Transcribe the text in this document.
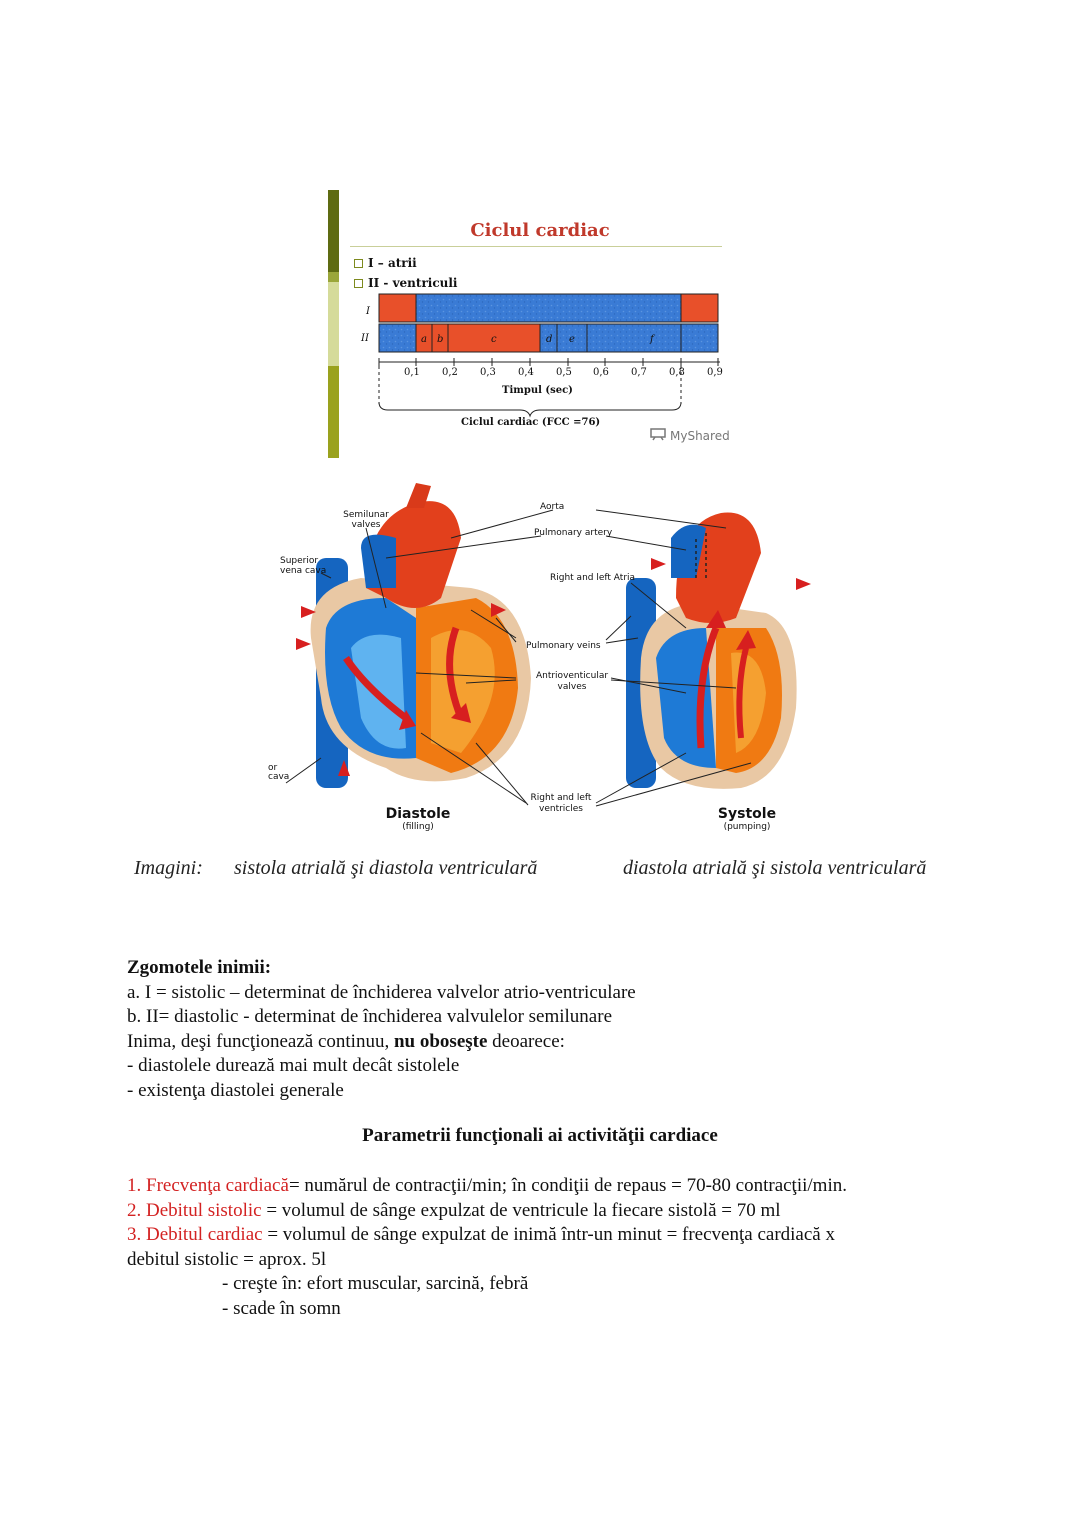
Ciclul cardiac
I – atrii
II - ventriculi
I
II	a b	c	d e	f
0,1 0,2 0,3 0,4 0,5 0,6 0,7 0,8 0,9
Timpul (sec)
Ciclul cardiac (FCC =76)
MyShared
Aorta
Pulmonary artery
Semilunar
valves
Superior
vena cava
Right and left Atria
Pulmonary veins
Antrioventicular
valves
or
cava
Right and left
ventricles
Diastole
(filling)
Systole
(pumping)
Imagini: sistola atrială şi diastola ventriculară	diastola atrială şi sistola ventriculară
Zgomotele inimii:
a. I = sistolic – determinat de închiderea valvelor atrio-ventriculare
b. II= diastolic - determinat de închiderea valvulelor semilunare
Inima, deşi funcţionează continuu, nu oboseşte deoarece:
- diastolele durează mai mult decât sistolele
- existenţa diastolei generale
Parametrii funcţionali ai activităţii cardiace
1. Frecvenţa cardiacă= numărul de contracţii/min; în condiţii de repaus = 70-80 contracţii/min.
2. Debitul sistolic = volumul de sânge expulzat de ventricule la fiecare sistolă = 70 ml
3. Debitul cardiac = volumul de sânge expulzat de inimă într-un minut = frecvenţa cardiacă x
debitul sistolic = aprox. 5l
- creşte în: efort muscular, sarcină, febră
- scade în somn
